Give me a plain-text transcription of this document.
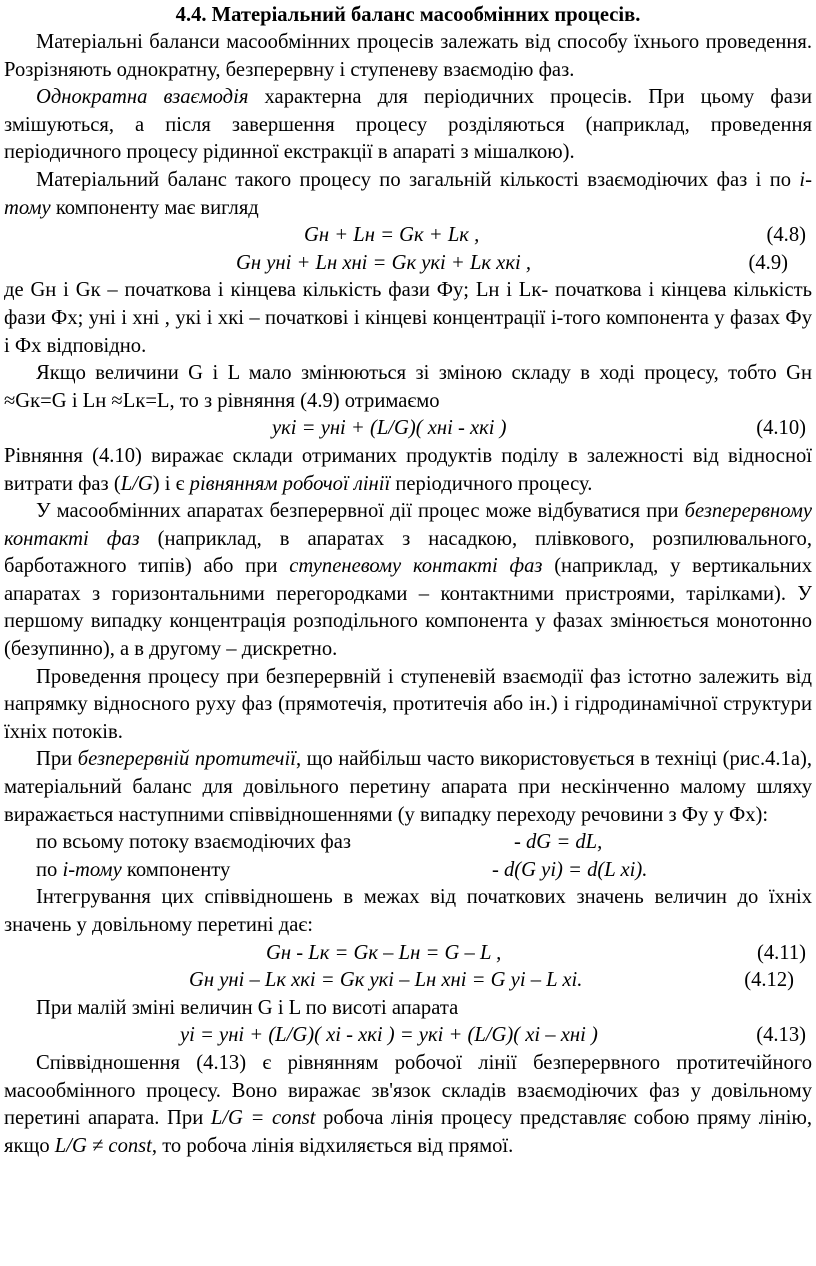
4.4. Матеріальний баланс масообмінних процесів.

Матеріальні баланси масообмінних процесів залежать від способу їхнього проведення. Розрізняють однократну, безперервну і ступеневу взаємодію фаз.

Однократна взаємодія характерна для періодичних процесів. При цьому фази змішуються, а після завершення процесу розділяються (наприклад, проведення періодичного процесу рідинної екстракції в апараті з мішалкою).

Матеріальний баланс такого процесу по загальній кількості взаємодіючих фаз і по і-тому компоненту має вигляд

Gн + Lн = Gк + Lк ,	(4.8)
Gн yнi + Lн xнi = Gк yкi + Lк xкi ,	(4.9)

де Gн і Gк – початкова і кінцева кількість фази Фy; Lн і Lк- початкова і кінцева кількість фази Фx; yнi і xнi , yкi і xкi – початкові і кінцеві концентрації і-того компонента у фазах Фy і Фx відповідно.

Якщо величини G і L мало змінюються зі зміною складу в ході процесу, тобто Gн ≈Gк=G і Lн ≈Lк=L, то з рівняння (4.9) отримаємо

yкi = yнi + (L/G)( xнi - xкi )	(4.10)

Рівняння (4.10) виражає склади отриманих продуктів поділу в залежності від відносної витрати фаз (L/G) і є рівнянням робочої лінії періодичного процесу.

У масообмінних апаратах безперервної дії процес може відбуватися при безперервному контакті фаз (наприклад, в апаратах з насадкою, плівкового, розпилювального, барботажного типів) або при ступеневому контакті фаз (наприклад, у вертикальних апаратах з горизонтальними перегородками – контактними пристроями, тарілками). У першому випадку концентрація розподільного компонента у фазах змінюється монотонно (безупинно), а в другому – дискретно.

Проведення процесу при безперервній і ступеневій взаємодії фаз істотно залежить від напрямку відносного руху фаз (прямотечія, протитечія або ін.) і гідродинамічної структури їхніх потоків.

При безперервній протитечії, що найбільш часто використовується в техніці (рис.4.1а), матеріальний баланс для довільного перетину апарата при нескінченно малому шляху виражається наступними співвідношеннями (у випадку переходу речовини з Фy у Фx):

по всьому потоку взаємодіючих фаз	- dG = dL,
по і-тому компоненту	- d(G yi) = d(L xi).

Інтегрування цих співвідношень в межах від початкових значень величин до їхніх значень у довільному перетині дає:

Gн - Lк = Gк – Lн = G – L ,	(4.11)
Gн yнi – Lк xкi = Gк yкi – Lн xнi = G yi – L xi.	(4.12)

При малій зміні величин G і L по висоті апарата

yi = yнi + (L/G)( xi - xкi ) = yкi + (L/G)( xi – xнi )	(4.13)

Співвідношення (4.13) є рівнянням робочої лінії безперервного протитечійного масообмінного процесу. Воно виражає зв'язок складів взаємодіючих фаз у довільному перетині апарата. При L/G = const робоча лінія процесу представляє собою пряму лінію, якщо L/G ≠ const, то робоча лінія відхиляється від прямої.
